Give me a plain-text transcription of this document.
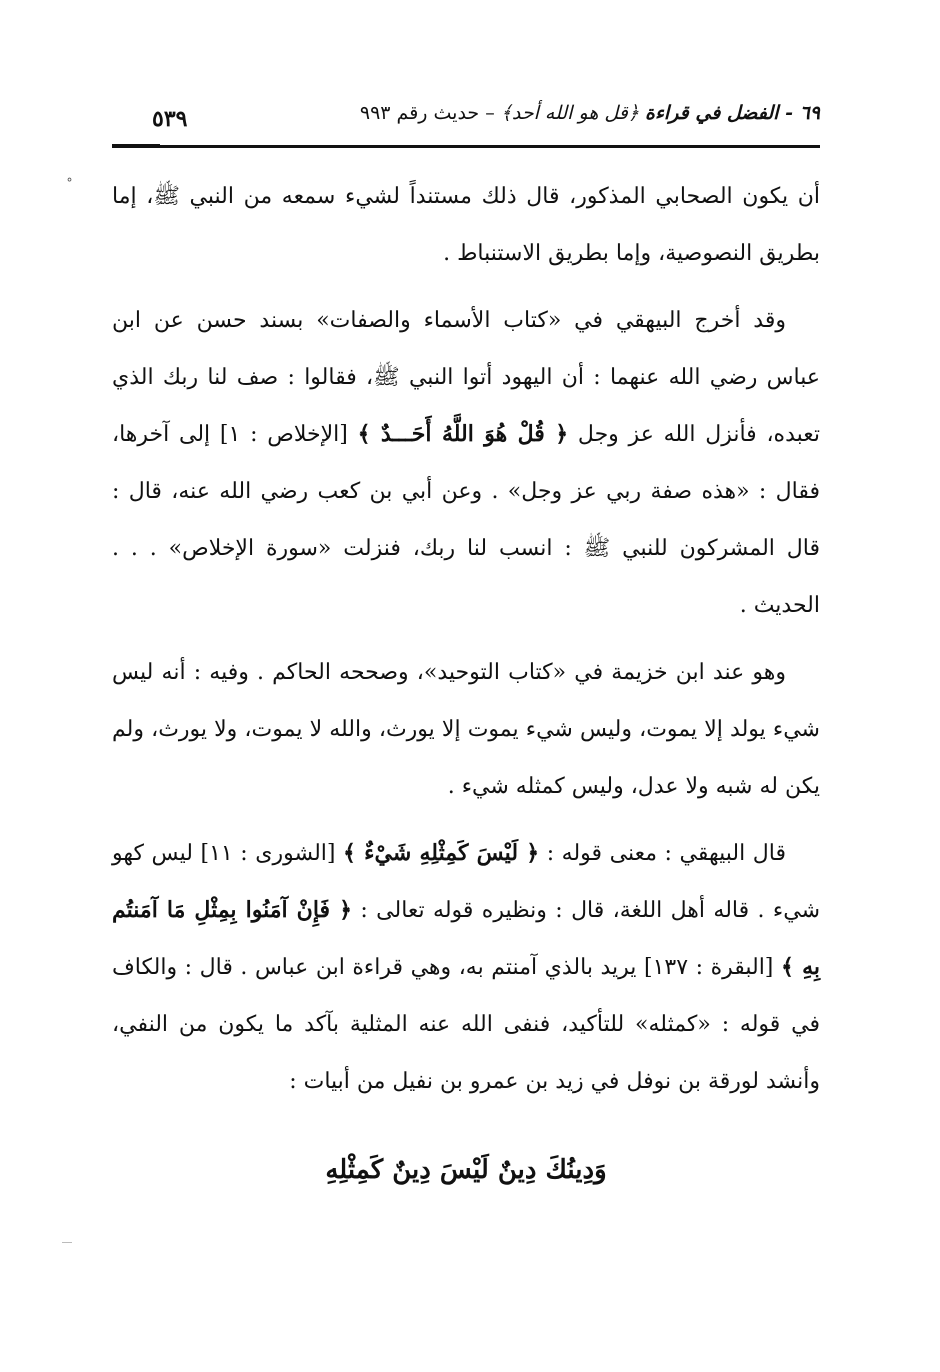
٥٣٩	٦٩ - الفضل في قراءة ﴿قل هو الله أحد﴾ – حديث رقم ٩٩٣
˚ أن يكون الصحابي المذكور، قال ذلك مستنداً لشيء سمعه من النبي ﷺ، إما بطريق النصوصية، وإما بطريق الاستنباط .

وقد أخرج البيهقي في «كتاب الأسماء والصفات» بسند حسن عن ابن عباس رضي الله عنهما : أن اليهود أتوا النبي ﷺ، فقالوا : صف لنا ربك الذي تعبده، فأنزل الله عز وجل ﴿ قُلْ هُوَ اللَّهُ أَحَـــدٌ ﴾ [الإخلاص : ١] إلى آخرها، فقال : «هذه صفة ربي عز وجل» . وعن أبي بن كعب رضي الله عنه، قال : قال المشركون للنبي ﷺ : انسب لنا ربك، فنزلت «سورة الإخلاص» . . . الحديث .

وهو عند ابن خزيمة في «كتاب التوحيد»، وصححه الحاكم . وفيه : أنه ليس شيء يولد إلا يموت، وليس شيء يموت إلا يورث، والله لا يموت، ولا يورث، ولم يكن له شبه ولا عدل، وليس كمثله شيء .

قال البيهقي : معنى قوله : ﴿ لَيْسَ كَمِثْلِهِ شَيْءٌ ﴾ [الشورى : ١١] ليس كهو شيء . قاله أهل اللغة، قال : ونظيره قوله تعالى : ﴿ فَإِنْ آمَنُوا بِمِثْلِ مَا آمَنتُم بِهِ ﴾ [البقرة : ١٣٧] يريد بالذي آمنتم به، وهي قراءة ابن عباس . قال : والكاف في قوله : «كمثله» للتأكيد، فنفى الله عنه المثلية بآكد ما يكون من النفي، وأنشد لورقة بن نوفل في زيد بن عمرو بن نفيل من أبيات :

وَدِينُكَ دِينٌ لَيْسَ دِينٌ كَمِثْلِهِ
